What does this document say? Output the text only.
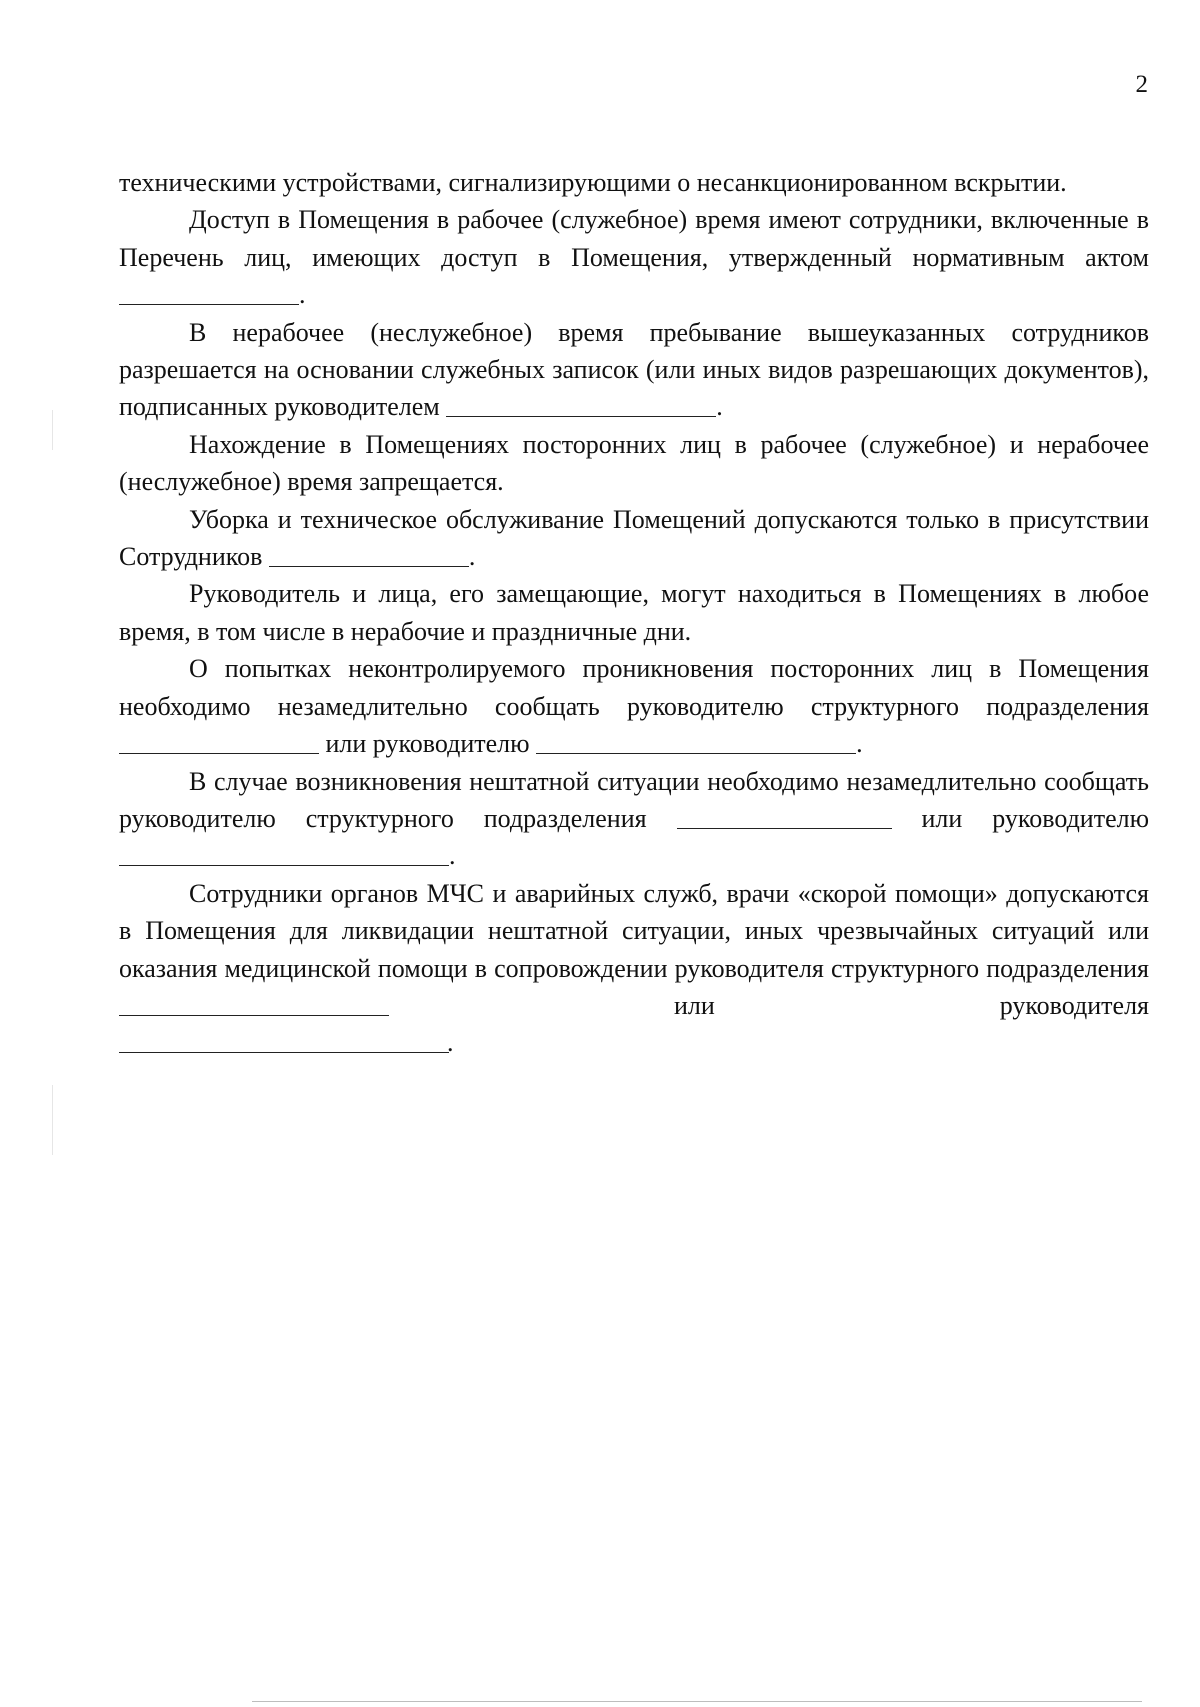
2

техническими устройствами, сигнализирующими о несанкционированном вскрытии.

Доступ в Помещения в рабочее (служебное) время имеют сотрудники, включенные в Перечень лиц, имеющих доступ в Помещения, утвержденный нормативным актом .

В нерабочее (неслужебное) время пребывание вышеуказанных сотрудников разрешается на основании служебных записок (или иных видов разрешающих документов), подписанных руководителем	.

Нахождение в Помещениях посторонних лиц в рабочее (служебное) и нерабочее (неслужебное) время запрещается.

Уборка и техническое обслуживание Помещений допускаются только в присутствии Сотрудников	.

Руководитель и лица, его замещающие, могут находиться в Помещениях в любое время, в том числе в нерабочие и праздничные дни.

О попытках неконтролируемого проникновения посторонних лиц в Помещения необходимо незамедлительно сообщать руководителю структурного подразделения  или руководителю	.

В случае возникновения нештатной ситуации необходимо незамедлительно сообщать руководителю структурного подразделения	или руководителю .

Сотрудники органов МЧС и аварийных служб, врачи «скорой помощи» допускаются в Помещения для ликвидации нештатной ситуации, иных чрезвычайных ситуаций или оказания медицинской помощи в сопровождении руководителя структурного подразделения  или руководителя

.
